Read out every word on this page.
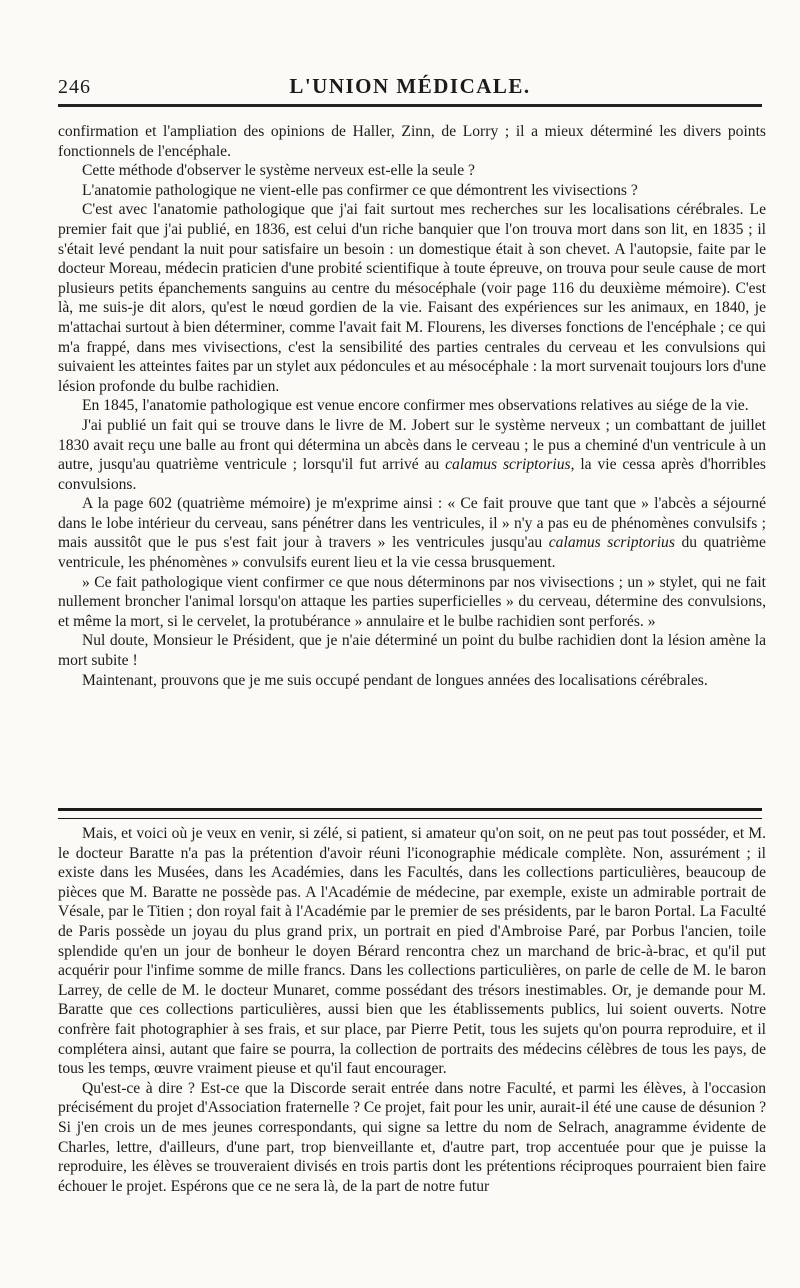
246	L'UNION MÉDICALE.

confirmation et l'ampliation des opinions de Haller, Zinn, de Lorry ; il a mieux déterminé les divers points fonctionnels de l'encéphale.

Cette méthode d'observer le système nerveux est-elle la seule ?

L'anatomie pathologique ne vient-elle pas confirmer ce que démontrent les vivisections ?

C'est avec l'anatomie pathologique que j'ai fait surtout mes recherches sur les localisations cérébrales. Le premier fait que j'ai publié, en 1836, est celui d'un riche banquier que l'on trouva mort dans son lit, en 1835 ; il s'était levé pendant la nuit pour satisfaire un besoin : un domestique était à son chevet. A l'autopsie, faite par le docteur Moreau, médecin praticien d'une probité scientifique à toute épreuve, on trouva pour seule cause de mort plusieurs petits épanchements sanguins au centre du mésocéphale (voir page 116 du deuxième mémoire). C'est là, me suis-je dit alors, qu'est le nœud gordien de la vie. Faisant des expériences sur les animaux, en 1840, je m'attachai surtout à bien déterminer, comme l'avait fait M. Flourens, les diverses fonctions de l'encéphale ; ce qui m'a frappé, dans mes vivisections, c'est la sensibilité des parties centrales du cerveau et les convulsions qui suivaient les atteintes faites par un stylet aux pédoncules et au mésocéphale : la mort survenait toujours lors d'une lésion profonde du bulbe rachidien.

En 1845, l'anatomie pathologique est venue encore confirmer mes observations relatives au siége de la vie.

J'ai publié un fait qui se trouve dans le livre de M. Jobert sur le système nerveux ; un combattant de juillet 1830 avait reçu une balle au front qui détermina un abcès dans le cerveau ; le pus a cheminé d'un ventricule à un autre, jusqu'au quatrième ventricule ; lorsqu'il fut arrivé au calamus scriptorius, la vie cessa après d'horribles convulsions.

A la page 602 (quatrième mémoire) je m'exprime ainsi : « Ce fait prouve que tant que » l'abcès a séjourné dans le lobe intérieur du cerveau, sans pénétrer dans les ventricules, il » n'y a pas eu de phénomènes convulsifs ; mais aussitôt que le pus s'est fait jour à travers » les ventricules jusqu'au calamus scriptorius du quatrième ventricule, les phénomènes » convulsifs eurent lieu et la vie cessa brusquement.

» Ce fait pathologique vient confirmer ce que nous déterminons par nos vivisections ; un » stylet, qui ne fait nullement broncher l'animal lorsqu'on attaque les parties superficielles » du cerveau, détermine des convulsions, et même la mort, si le cervelet, la protubérance » annulaire et le bulbe rachidien sont perforés. »

Nul doute, Monsieur le Président, que je n'aie déterminé un point du bulbe rachidien dont la lésion amène la mort subite !

Maintenant, prouvons que je me suis occupé pendant de longues années des localisations cérébrales.

Mais, et voici où je veux en venir, si zélé, si patient, si amateur qu'on soit, on ne peut pas tout posséder, et M. le docteur Baratte n'a pas la prétention d'avoir réuni l'iconographie médicale complète. Non, assurément ; il existe dans les Musées, dans les Académies, dans les Facultés, dans les collections particulières, beaucoup de pièces que M. Baratte ne possède pas. A l'Académie de médecine, par exemple, existe un admirable portrait de Vésale, par le Titien ; don royal fait à l'Académie par le premier de ses présidents, par le baron Portal. La Faculté de Paris possède un joyau du plus grand prix, un portrait en pied d'Ambroise Paré, par Porbus l'ancien, toile splendide qu'en un jour de bonheur le doyen Bérard rencontra chez un marchand de bric-à-brac, et qu'il put acquérir pour l'infime somme de mille francs. Dans les collections particulières, on parle de celle de M. le baron Larrey, de celle de M. le docteur Munaret, comme possédant des trésors inestimables. Or, je demande pour M. Baratte que ces collections particulières, aussi bien que les établissements publics, lui soient ouverts. Notre confrère fait photographier à ses frais, et sur place, par Pierre Petit, tous les sujets qu'on pourra reproduire, et il complétera ainsi, autant que faire se pourra, la collection de portraits des médecins célèbres de tous les pays, de tous les temps, œuvre vraiment pieuse et qu'il faut encourager.

Qu'est-ce à dire ? Est-ce que la Discorde serait entrée dans notre Faculté, et parmi les élèves, à l'occasion précisément du projet d'Association fraternelle ? Ce projet, fait pour les unir, aurait-il été une cause de désunion ? Si j'en crois un de mes jeunes correspondants, qui signe sa lettre du nom de Selrach, anagramme évidente de Charles, lettre, d'ailleurs, d'une part, trop bienveillante et, d'autre part, trop accentuée pour que je puisse la reproduire, les élèves se trouveraient divisés en trois partis dont les prétentions réciproques pourraient bien faire échouer le projet. Espérons que ce ne sera là, de la part de notre futur
